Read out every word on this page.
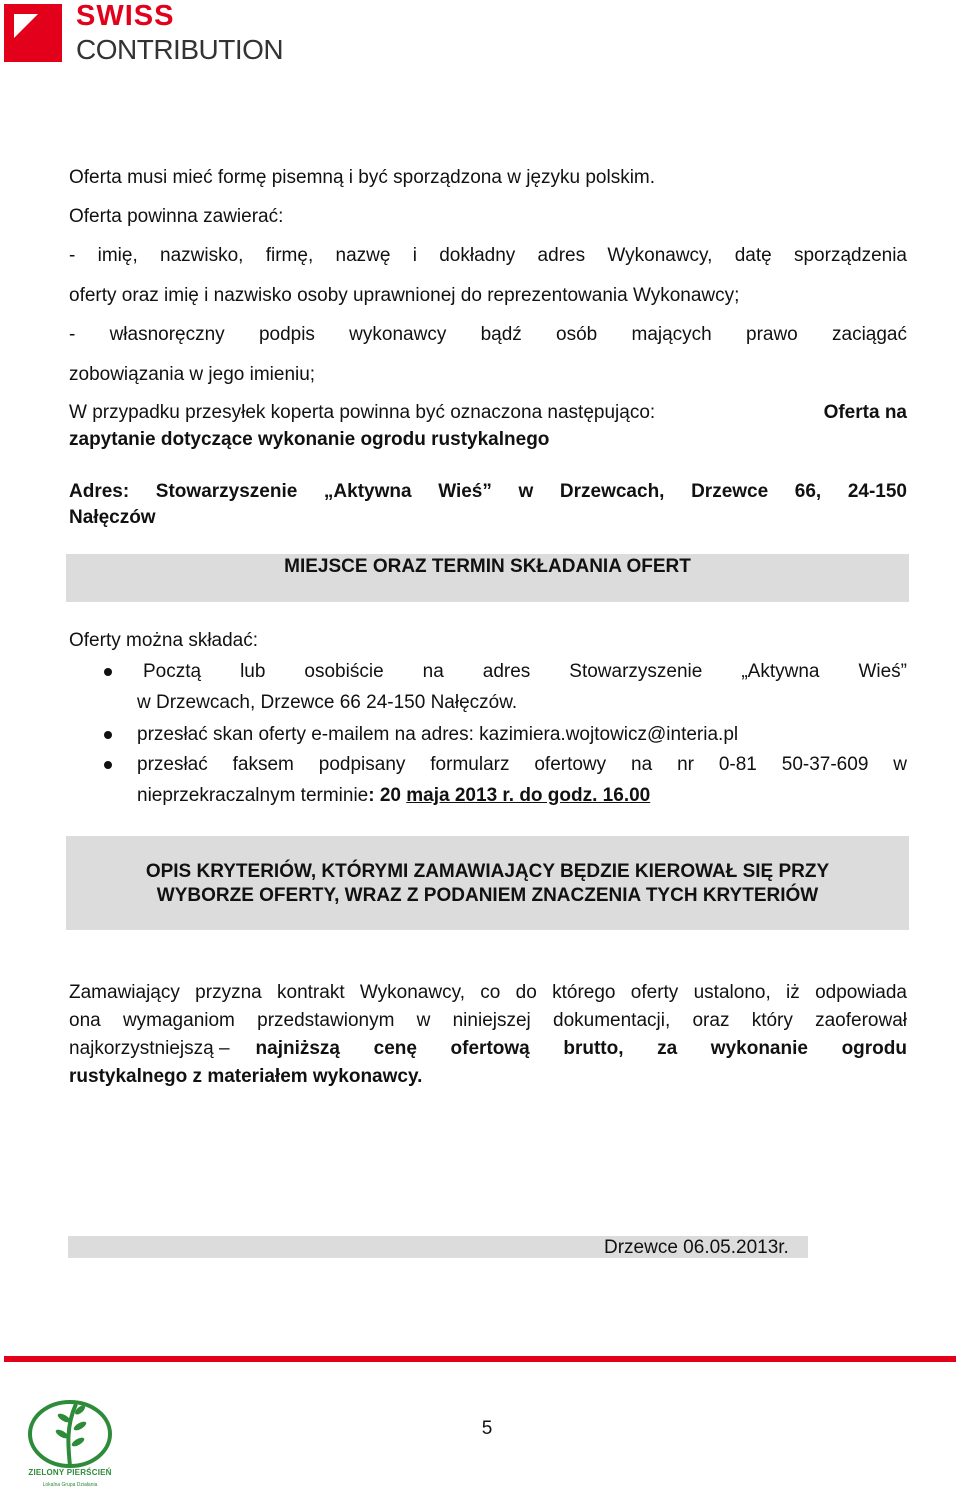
SWISS
CONTRIBUTION
Oferta musi mieć formę pisemną i być sporządzona w języku polskim.
Oferta powinna zawierać:
- imię, nazwisko, firmę, nazwę i dokładny adres Wykonawcy, datę sporządzenia
oferty oraz imię i nazwisko osoby uprawnionej do reprezentowania Wykonawcy;
- własnoręczny podpis wykonawcy bądź osób mających prawo zaciągać
zobowiązania w jego imieniu;
W przypadku przesyłek koperta powinna być oznaczona następująco:	Oferta na
zapytanie dotyczące wykonanie ogrodu rustykalnego
Adres: Stowarzyszenie „Aktywna Wieś” w Drzewcach, Drzewce 66, 24-150
Nałęczów
MIEJSCE ORAZ TERMIN SKŁADANIA OFERT
Oferty można składać:
Pocztą lub osobiście na adres Stowarzyszenie „Aktywna Wieś”
w Drzewcach, Drzewce 66 24-150 Nałęczów.
przesłać skan oferty e-mailem na adres: kazimiera.wojtowicz@interia.pl
przesłać faksem podpisany formularz ofertowy na nr 0-81 50-37-609 w
nieprzekraczalnym terminie: 20 maja 2013 r. do godz. 16.00
OPIS KRYTERIÓW, KTÓRYMI ZAMAWIAJĄCY BĘDZIE KIEROWAŁ SIĘ PRZY
WYBORZE OFERTY, WRAZ Z PODANIEM ZNACZENIA TYCH KRYTERIÓW
Zamawiający przyzna kontrakt Wykonawcy, co do którego oferty ustalono, iż odpowiada
ona wymaganiom przedstawionym w niniejszej dokumentacji, oraz który zaoferował
najkorzystniejszą – najniższą cenę ofertową brutto, za wykonanie ogrodu
rustykalnego z materiałem wykonawcy.
Drzewce 06.05.2013r.
ZIELONY PIERŚCIEŃ
Lokalna Grupa Działania
5
